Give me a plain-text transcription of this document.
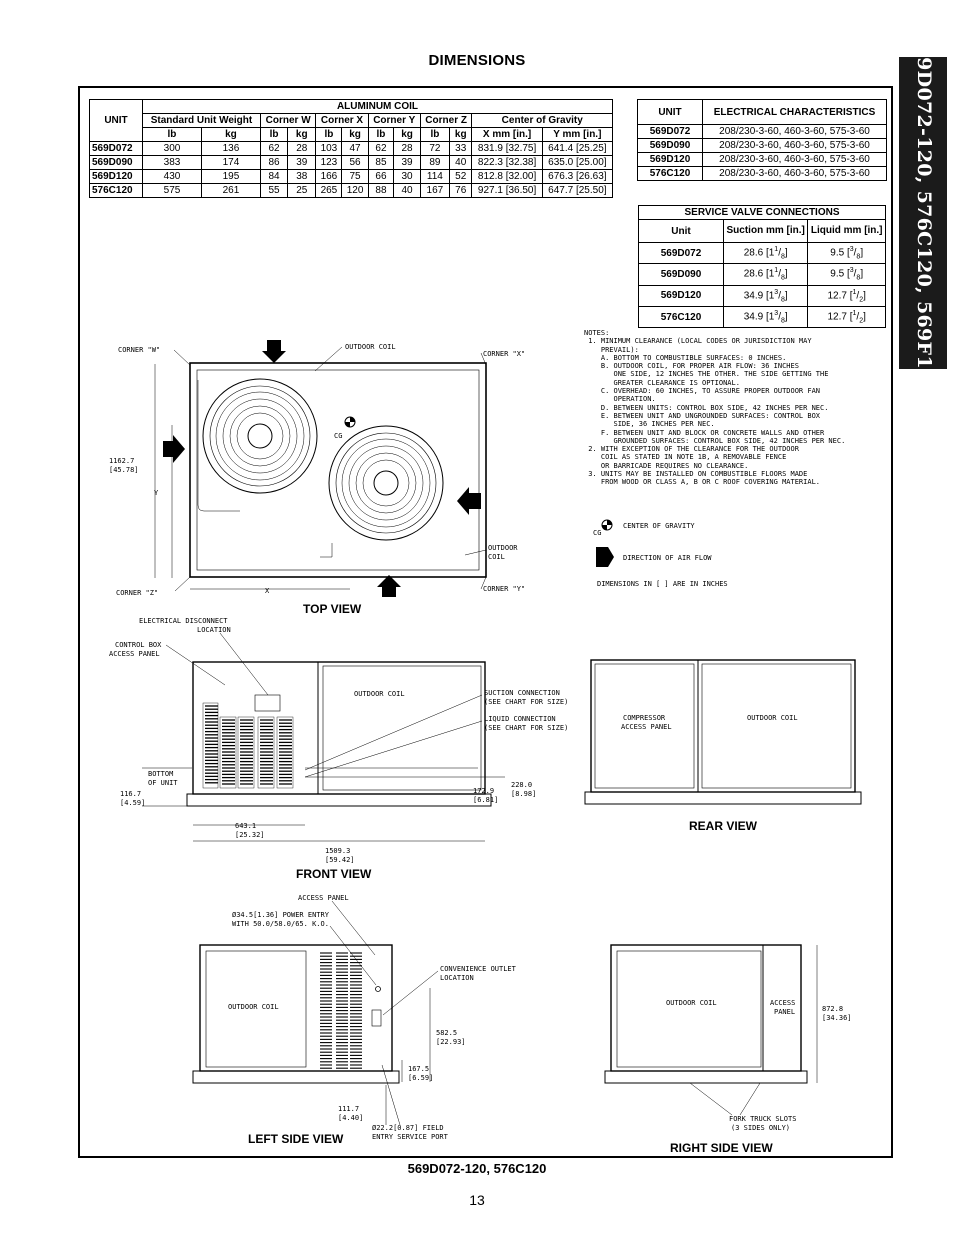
DIMENSIONS	569D072-120, 576C120, 569F120
UNIT	ALUMINUM COIL											
	Standard Unit Weight		Corner W		Corner X		Corner Y		Corner Z		Center of Gravity	
	lb	kg	lb	kg	lb	kg	lb	kg	lb	kg	X mm [in.]	Y mm [in.]
569D072	300	136	62	28	103	47	62	28	72	33	831.9 [32.75]	641.4 [25.25]
569D090	383	174	86	39	123	56	85	39	89	40	822.3 [32.38]	635.0 [25.00]
569D120	430	195	84	38	166	75	66	30	114	52	812.8 [32.00]	676.3 [26.63]
576C120	575	261	55	25	265	120	88	40	167	76	927.1 [36.50]	647.7 [25.50]
UNIT	ELECTRICAL CHARACTERISTICS
569D072	208/230-3-60, 460-3-60, 575-3-60
569D090	208/230-3-60, 460-3-60, 575-3-60
569D120	208/230-3-60, 460-3-60, 575-3-60
576C120	208/230-3-60, 460-3-60, 575-3-60
SERVICE VALVE CONNECTIONS		
Unit	Suction mm [in.]	Liquid mm [in.]
569D072	28.6 $[1^1/_8]$	9.5 $[^3/_8]$
569D090	28.6 $[1^1/_8]$	9.5 $[^3/_8]$
569D120	34.9 $[1^3/_8]$	12.7 $[^1/_2]$
576C120	34.9 $[1^3/_8]$	12.7 $[^1/_2]$
NOTES:
1. MINIMUM CLEARANCE (LOCAL CODES OR JURISDICTION MAY
PREVAIL):
A. BOTTOM TO COMBUSTIBLE SURFACES: 0 INCHES.
B. OUTDOOR COIL, FOR PROPER AIR FLOW: 36 INCHES
ONE SIDE, 12 INCHES THE OTHER. THE SIDE GETTING THE
GREATER CLEARANCE IS OPTIONAL.
C. OVERHEAD: 60 INCHES, TO ASSURE PROPER OUTDOOR FAN
OPERATION.
D. BETWEEN UNITS: CONTROL BOX SIDE, 42 INCHES PER NEC.
E. BETWEEN UNIT AND UNGROUNDED SURFACES: CONTROL BOX
SIDE, 36 INCHES PER NEC.
F. BETWEEN UNIT AND BLOCK OR CONCRETE WALLS AND OTHER
GROUNDED SURFACES: CONTROL BOX SIDE, 42 INCHES PER NEC.
2. WITH EXCEPTION OF THE CLEARANCE FOR THE OUTDOOR
COIL AS STATED IN NOTE 1B, A REMOVABLE FENCE
OR BARRICADE REQUIRES NO CLEARANCE.
3. UNITS MAY BE INSTALLED ON COMBUSTIBLE FLOORS MADE
FROM WOOD OR CLASS A, B OR C ROOF COVERING MATERIAL.
CG
CENTER OF GRAVITY
DIRECTION OF AIR FLOW
DIMENSIONS IN [ ] ARE IN INCHES
CG
1162.7
[45.78]
Y
X
CORNER "W"	OUTDOOR COIL
CORNER "X"
CORNER "Z"	CORNER "Y"
OUTDOOR
COIL
TOP VIEW
OUTDOOR COIL
ELECTRICAL DISCONNECT
LOCATION
CONTROL BOX
ACCESS PANEL
SUCTION CONNECTION
(SEE CHART FOR SIZE)
LIQUID CONNECTION
(SEE CHART FOR SIZE)
BOTTOM
OF UNIT
116.7
[4.59]
172.9
[6.81]
228.0
[8.98]
643.1
[25.32]
1509.3
[59.42]
FRONT VIEW
COMPRESSOR
ACCESS PANEL
OUTDOOR COIL
REAR VIEW
OUTDOOR COIL
ACCESS PANEL
Ø34.5[1.36] POWER ENTRY
WITH 50.0/58.0/65. K.O.
CONVENIENCE OUTLET
LOCATION
582.5
[22.93]
167.5
[6.59]
111.7
[4.40]
Ø22.2[0.87] FIELD
ENTRY SERVICE PORT
LEFT SIDE VIEW
OUTDOOR COIL	ACCESS
PANEL	872.8
[34.36]
FORK TRUCK SLOTS
(3 SIDES ONLY)
RIGHT SIDE VIEW
569D072-120, 576C120
13
